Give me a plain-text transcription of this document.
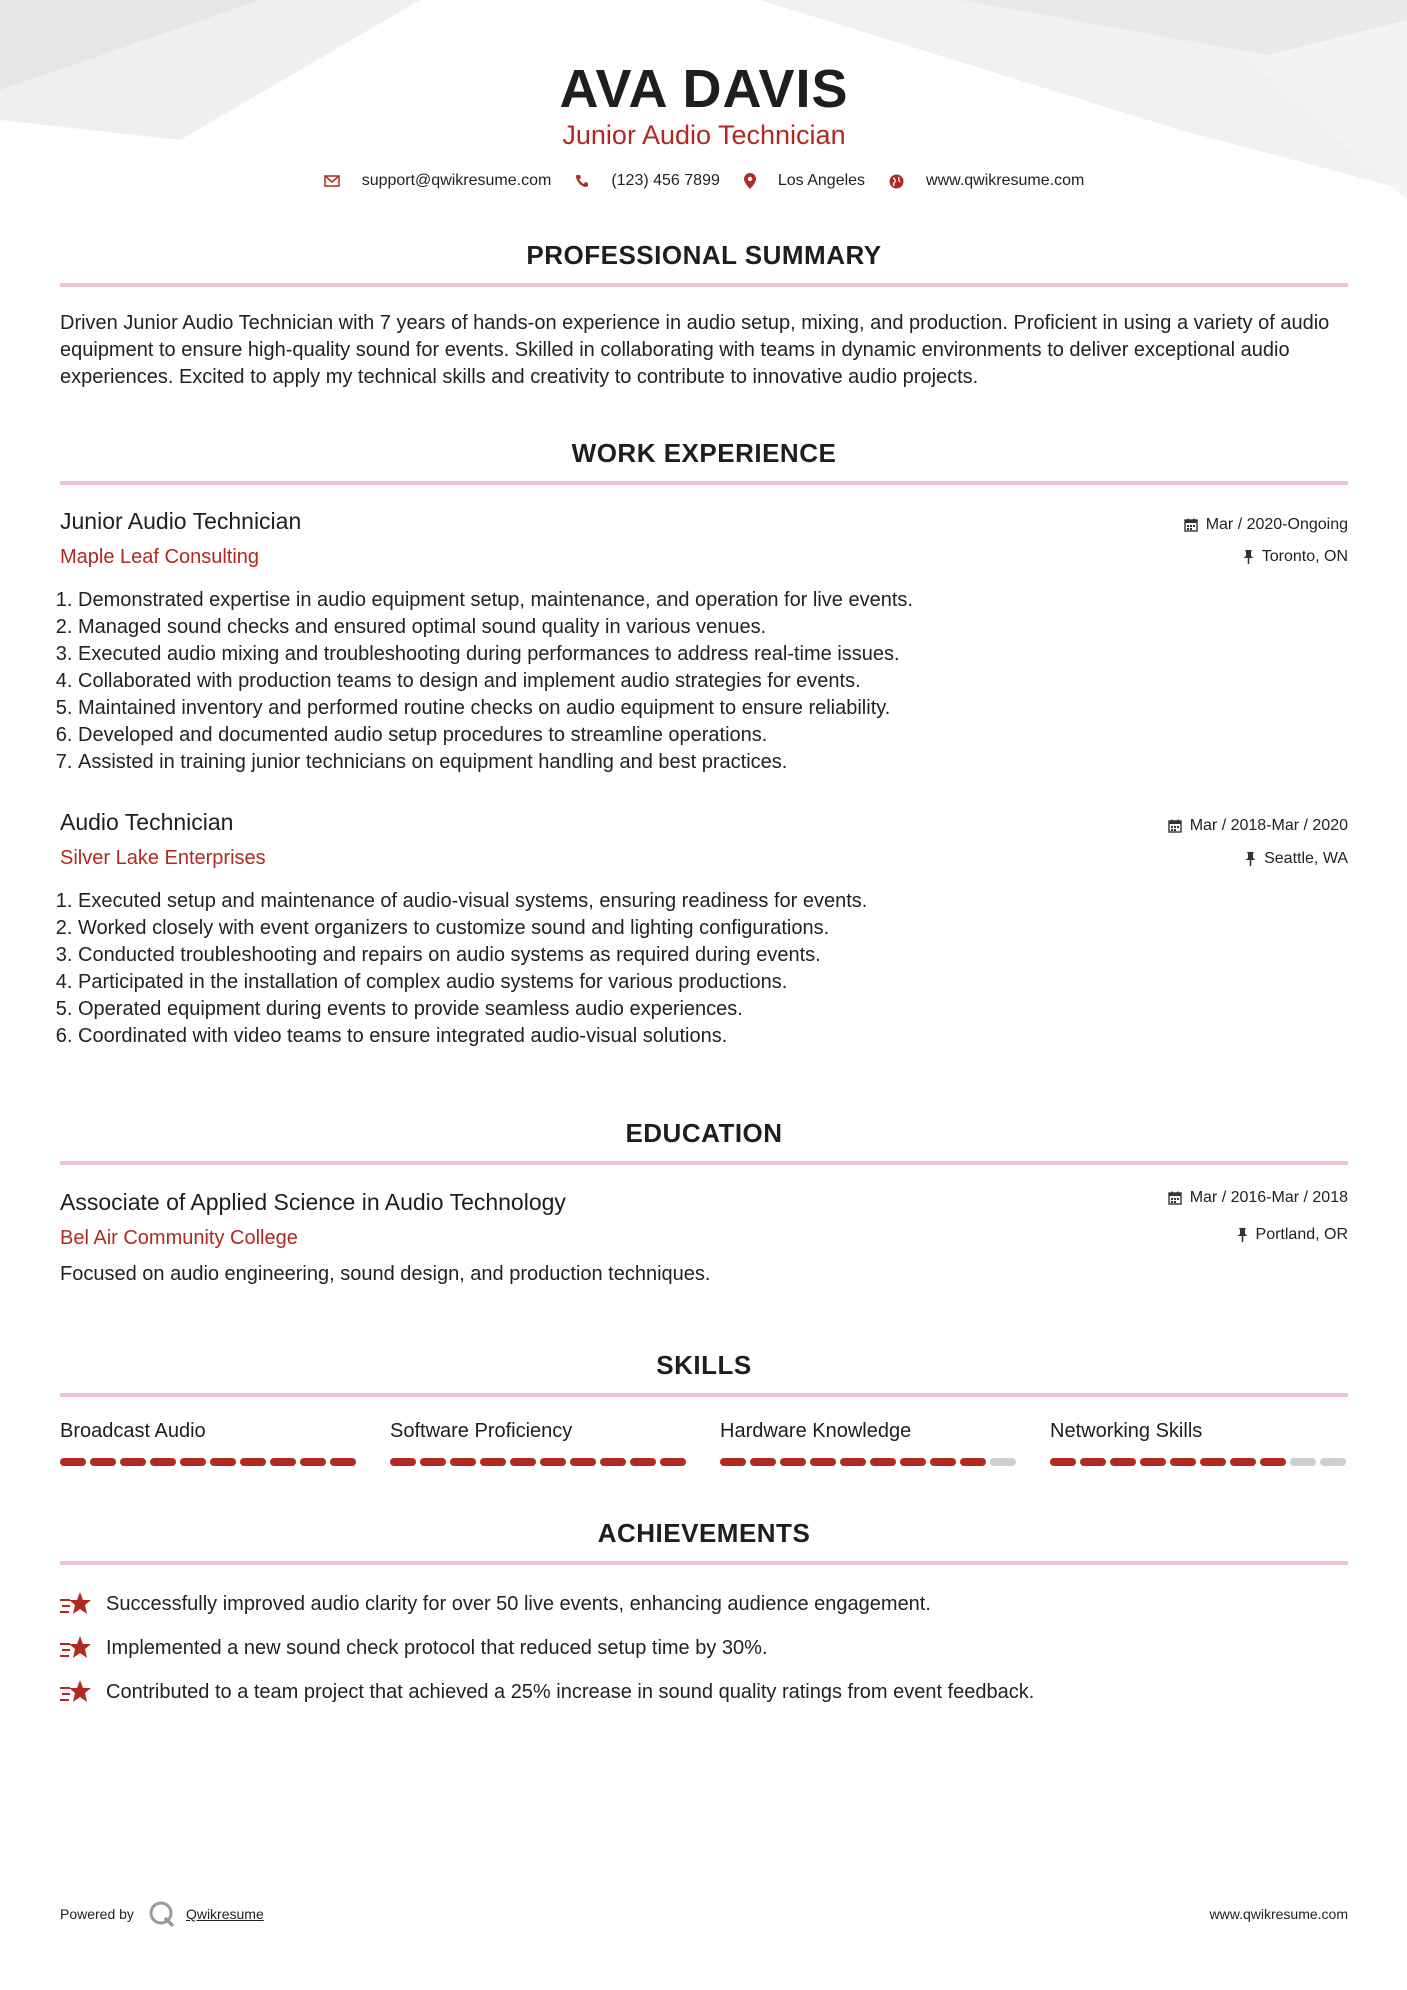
AVA DAVIS
Junior Audio Technician
support@qwikresume.com	(123) 456 7899	Los Angeles	www.qwikresume.com
PROFESSIONAL SUMMARY

Driven Junior Audio Technician with 7 years of hands-on experience in audio setup, mixing, and production. Proficient in using a variety of audio equipment to ensure high-quality sound for events. Skilled in collaborating with teams in dynamic environments to deliver exceptional audio experiences. Excited to apply my technical skills and creativity to contribute to innovative audio projects.

WORK EXPERIENCE
Junior Audio Technician
Maple Leaf Consulting
Mar / 2020-Ongoing
Toronto, ON
1. Demonstrated expertise in audio equipment setup, maintenance, and operation for live events.
2. Managed sound checks and ensured optimal sound quality in various venues.
3. Executed audio mixing and troubleshooting during performances to address real-time issues.
4. Collaborated with production teams to design and implement audio strategies for events.
5. Maintained inventory and performed routine checks on audio equipment to ensure reliability.
6. Developed and documented audio setup procedures to streamline operations.
7. Assisted in training junior technicians on equipment handling and best practices.
Audio Technician
Silver Lake Enterprises
Mar / 2018-Mar / 2020
Seattle, WA
1. Executed setup and maintenance of audio-visual systems, ensuring readiness for events.
2. Worked closely with event organizers to customize sound and lighting configurations.
3. Conducted troubleshooting and repairs on audio systems as required during events.
4. Participated in the installation of complex audio systems for various productions.
5. Operated equipment during events to provide seamless audio experiences.
6. Coordinated with video teams to ensure integrated audio-visual solutions.
EDUCATION
Associate of Applied Science in Audio Technology
Bel Air Community College
Mar / 2016-Mar / 2018
Portland, OR
Focused on audio engineering, sound design, and production techniques.
SKILLS
Broadcast Audio	Software Proficiency	Hardware Knowledge	Networking Skills
ACHIEVEMENTS
Successfully improved audio clarity for over 50 live events, enhancing audience engagement.
Implemented a new sound check protocol that reduced setup time by 30%.
Contributed to a team project that achieved a 25% increase in sound quality ratings from event feedback.
Powered by	Qwikresume	www.qwikresume.com
